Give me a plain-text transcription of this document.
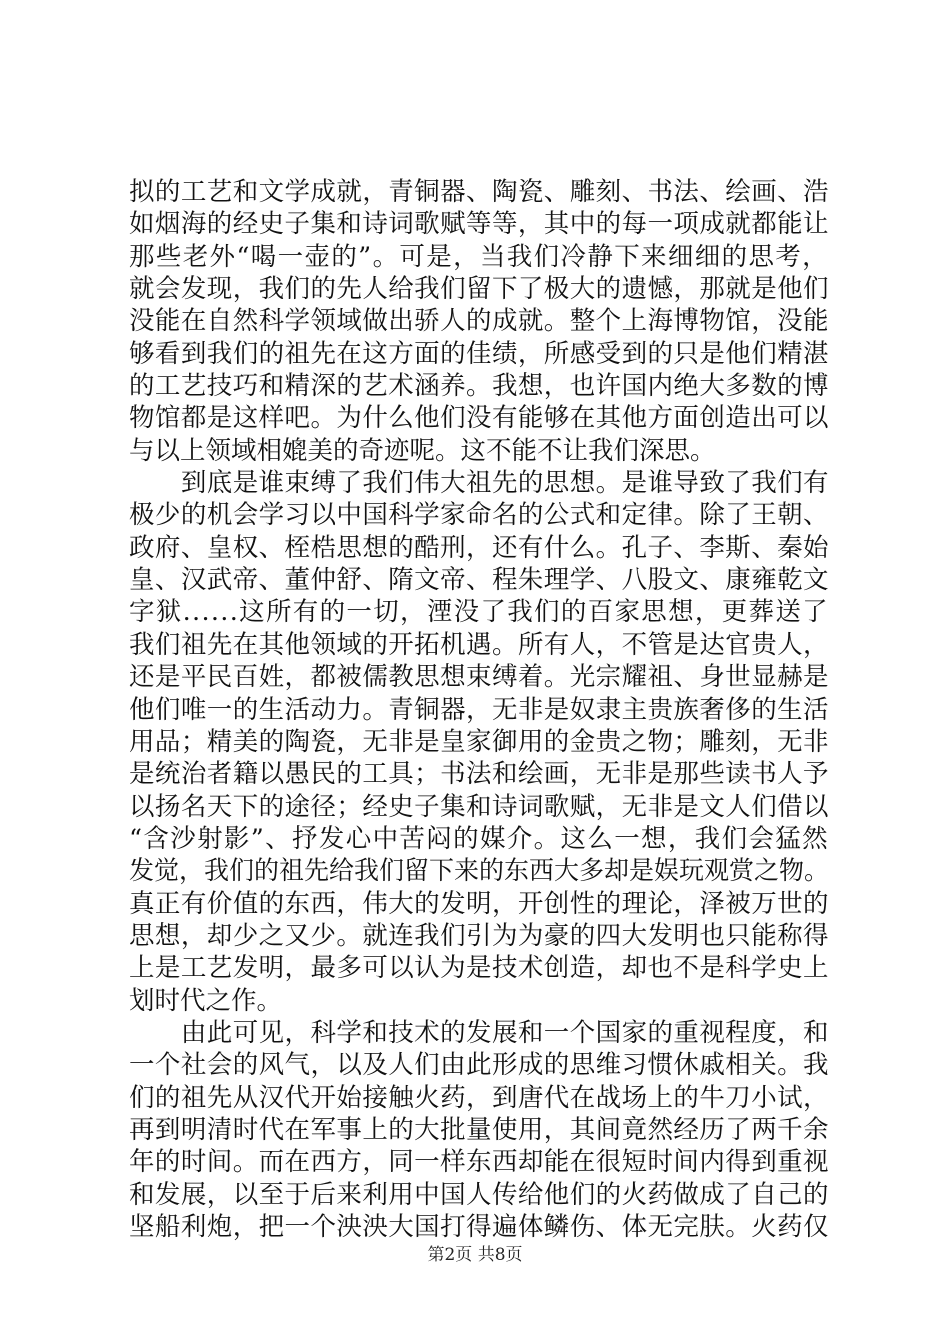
拟的工艺和文学成就，青铜器、陶瓷、雕刻、书法、绘画、浩
如烟海的经史子集和诗词歌赋等等，其中的每一项成就都能让
那些老外“喝一壶的”。可是，当我们冷静下来细细的思考，
就会发现，我们的先人给我们留下了极大的遗憾，那就是他们
没能在自然科学领域做出骄人的成就。整个上海博物馆，没能
够看到我们的祖先在这方面的佳绩，所感受到的只是他们精湛
的工艺技巧和精深的艺术涵养。我想，也许国内绝大多数的博
物馆都是这样吧。为什么他们没有能够在其他方面创造出可以
与以上领域相媲美的奇迹呢。这不能不让我们深思。
　　到底是谁束缚了我们伟大祖先的思想。是谁导致了我们有
极少的机会学习以中国科学家命名的公式和定律。除了王朝、
政府、皇权、桎梏思想的酷刑，还有什么。孔子、李斯、秦始
皇、汉武帝、董仲舒、隋文帝、程朱理学、八股文、康雍乾文
字狱......这所有的一切，湮没了我们的百家思想，更葬送了
我们祖先在其他领域的开拓机遇。所有人，不管是达官贵人，
还是平民百姓，都被儒教思想束缚着。光宗耀祖、身世显赫是
他们唯一的生活动力。青铜器，无非是奴隶主贵族奢侈的生活
用品；精美的陶瓷，无非是皇家御用的金贵之物；雕刻，无非
是统治者籍以愚民的工具；书法和绘画，无非是那些读书人予
以扬名天下的途径；经史子集和诗词歌赋，无非是文人们借以
“含沙射影”、抒发心中苦闷的媒介。这么一想，我们会猛然
发觉，我们的祖先给我们留下来的东西大多却是娱玩观赏之物。
真正有价值的东西，伟大的发明，开创性的理论，泽被万世的
思想，却少之又少。就连我们引为为豪的四大发明也只能称得
上是工艺发明，最多可以认为是技术创造，却也不是科学史上
划时代之作。
　　由此可见，科学和技术的发展和一个国家的重视程度，和
一个社会的风气，以及人们由此形成的思维习惯休戚相关。我
们的祖先从汉代开始接触火药，到唐代在战场上的牛刀小试，
再到明清时代在军事上的大批量使用，其间竟然经历了两千余
年的时间。而在西方，同一样东西却能在很短时间内得到重视
和发展，以至于后来利用中国人传给他们的火药做成了自己的
坚船利炮，把一个泱泱大国打得遍体鳞伤、体无完肤。火药仅
第2页 共8页
